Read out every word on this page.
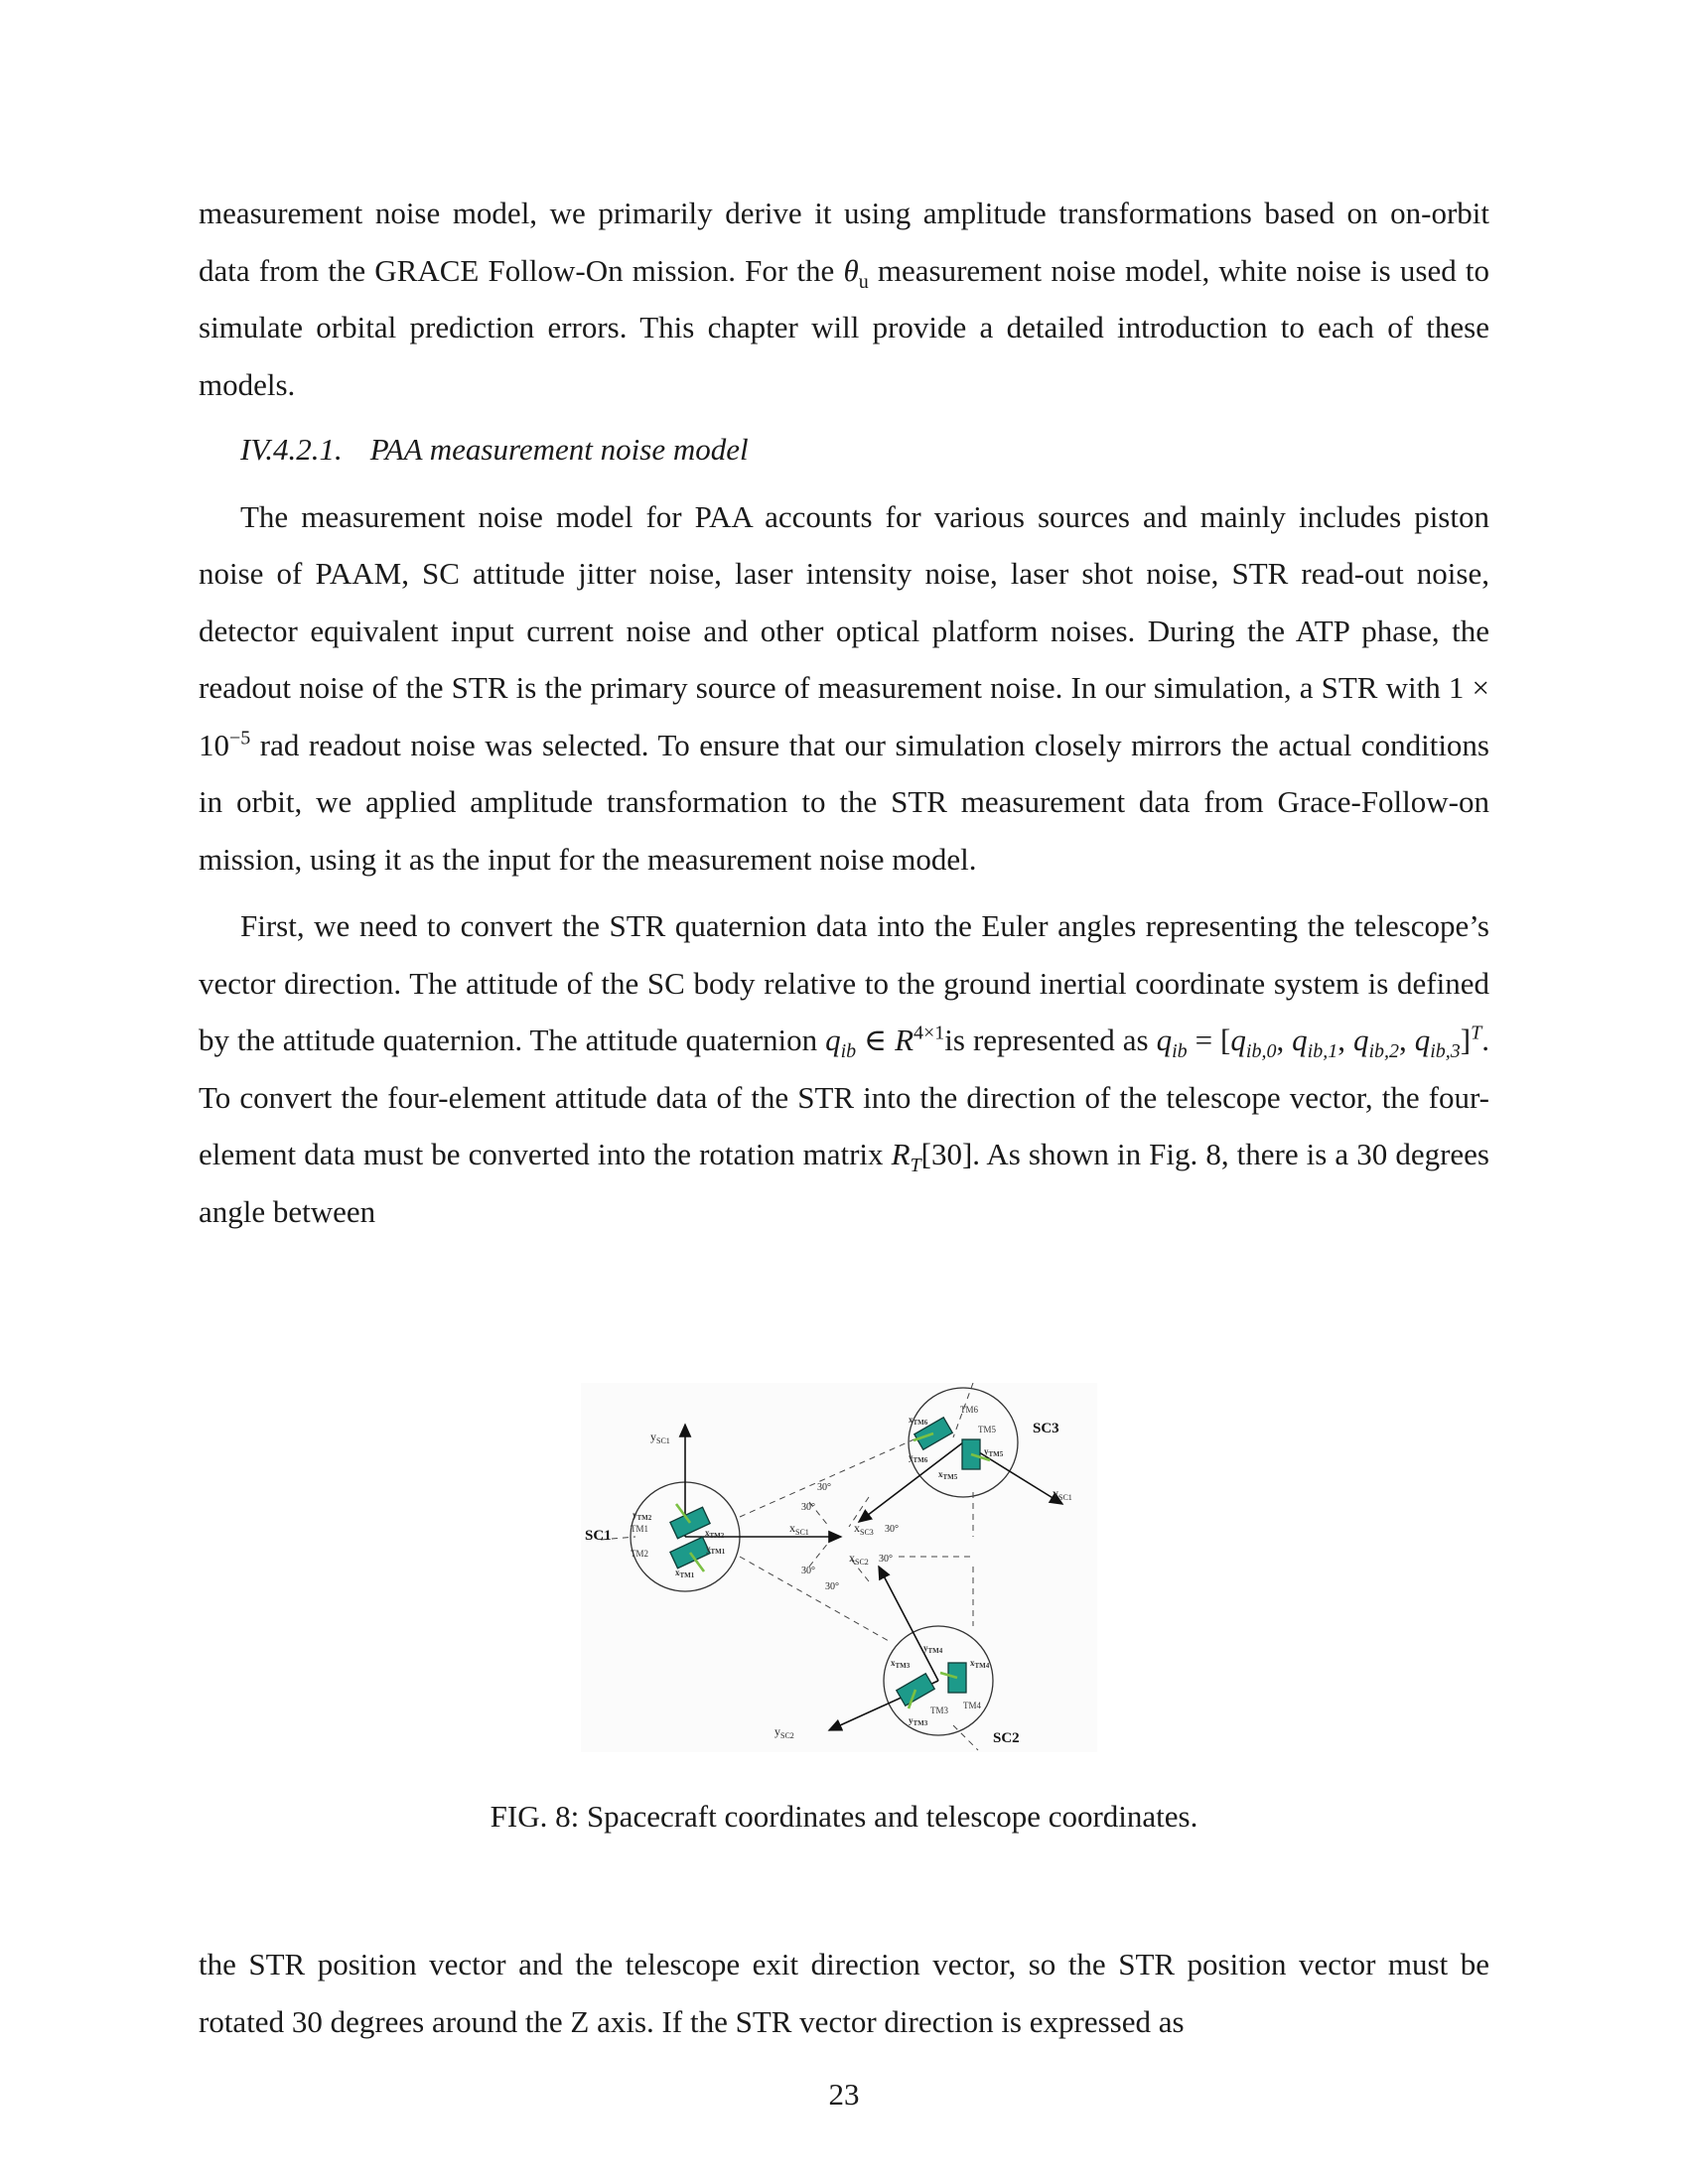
measurement noise model, we primarily derive it using amplitude transformations based on on-orbit data from the GRACE Follow-On mission. For the $\theta_u$ measurement noise model, white noise is used to simulate orbital prediction errors. This chapter will provide a detailed introduction to each of these models.

IV.4.2.1. PAA measurement noise model

The measurement noise model for PAA accounts for various sources and mainly includes piston noise of PAAM, SC attitude jitter noise, laser intensity noise, laser shot noise, STR read-out noise, detector equivalent input current noise and other optical platform noises. During the ATP phase, the readout noise of the STR is the primary source of measurement noise. In our simulation, a STR with $1 \times 10^{-5}$ rad readout noise was selected. To ensure that our simulation closely mirrors the actual conditions in orbit, we applied amplitude transformation to the STR measurement data from Grace-Follow-on mission, using it as the input for the measurement noise model.

First, we need to convert the STR quaternion data into the Euler angles representing the telescope’s vector direction. The attitude of the SC body relative to the ground inertial coordinate system is defined by the attitude quaternion. The attitude quaternion $q_{ib}$ ∈ $R^{4\times 1}is$ represented as $q_{ib} = [q_{ib,0}$, $q_{ib,1}$, $q_{ib,2}$, $q_{ib,3}]^T$. To convert the four-element attitude data of the STR into the direction of the telescope vector, the four-element data must be converted into the rotation matrix $R_T[30]$. As shown in Fig. 8, there is a 30 degrees angle between

$y_{SC1}$
$y_{SC1}$
$y_{SC2}$
$x_{SC1}$	$x_{SC3}$
$x_{SC2}$
SC1
SC3
SC2
30°
30°
30°
30°
30°
30°
TM1
TM2
TM6
TM5
TM4
TM3
$y_{TM2}$
$x_{TM2}$
$y_{TM1}$
$x_{TM1}$
$x_{TM6}$
$y_{TM6}$
$y_{TM5}$
$x_{TM5}$
$y_{TM4}$
$x_{TM4}$
$x_{TM3}$
$y_{TM3}$
FIG. 8: Spacecraft coordinates and telescope coordinates.

the STR position vector and the telescope exit direction vector, so the STR position vector must be rotated 30 degrees around the Z axis. If the STR vector direction is expressed as

23
